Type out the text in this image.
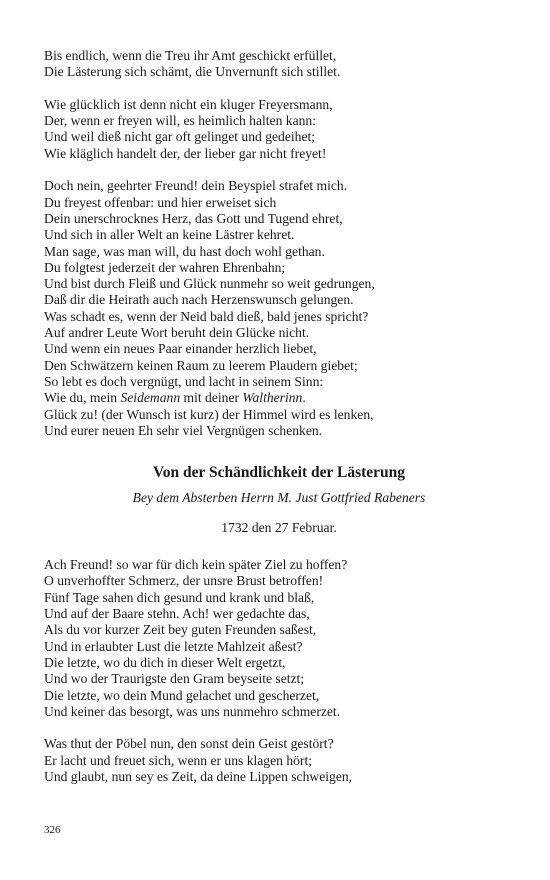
Bis endlich, wenn die Treu ihr Amt geschickt erfüllet,
Die Lästerung sich schämt, die Unvernunft sich stillet.
Wie glücklich ist denn nicht ein kluger Freyersmann,
Der, wenn er freyen will, es heimlich halten kann:
Und weil dieß nicht gar oft gelinget und gedeihet;
Wie kläglich handelt der, der lieber gar nicht freyet!
Doch nein, geehrter Freund! dein Beyspiel strafet mich.
Du freyest offenbar: und hier erweiset sich
Dein unerschrocknes Herz, das Gott und Tugend ehret,
Und sich in aller Welt an keine Lästrer kehret.
Man sage, was man will, du hast doch wohl gethan.
Du folgtest jederzeit der wahren Ehrenbahn;
Und bist durch Fleiß und Glück nunmehr so weit gedrungen,
Daß dir die Heirath auch nach Herzenswunsch gelungen.
Was schadt es, wenn der Neid bald dieß, bald jenes spricht?
Auf andrer Leute Wort beruht dein Glücke nicht.
Und wenn ein neues Paar einander herzlich liebet,
Den Schwätzern keinen Raum zu leerem Plaudern giebet;
So lebt es doch vergnügt, und lacht in seinem Sinn:
Wie du, mein Seidemann mit deiner Waltherinn.
Glück zu! (der Wunsch ist kurz) der Himmel wird es lenken,
Und eurer neuen Eh sehr viel Vergnügen schenken.
Von der Schändlichkeit der Lästerung
Bey dem Absterben Herrn M. Just Gottfried Rabeners
1732 den 27 Februar.
Ach Freund! so war für dich kein später Ziel zu hoffen?
O unverhoffter Schmerz, der unsre Brust betroffen!
Fünf Tage sahen dich gesund und krank und blaß,
Und auf der Baare stehn. Ach! wer gedachte das,
Als du vor kurzer Zeit bey guten Freunden saßest,
Und in erlaubter Lust die letzte Mahlzeit aßest?
Die letzte, wo du dich in dieser Welt ergetzt,
Und wo der Traurigste den Gram beyseite setzt;
Die letzte, wo dein Mund gelachet und gescherzet,
Und keiner das besorgt, was uns nunmehro schmerzet.
Was thut der Pöbel nun, den sonst dein Geist gestört?
Er lacht und freuet sich, wenn er uns klagen hört;
Und glaubt, nun sey es Zeit, da deine Lippen schweigen,
326
